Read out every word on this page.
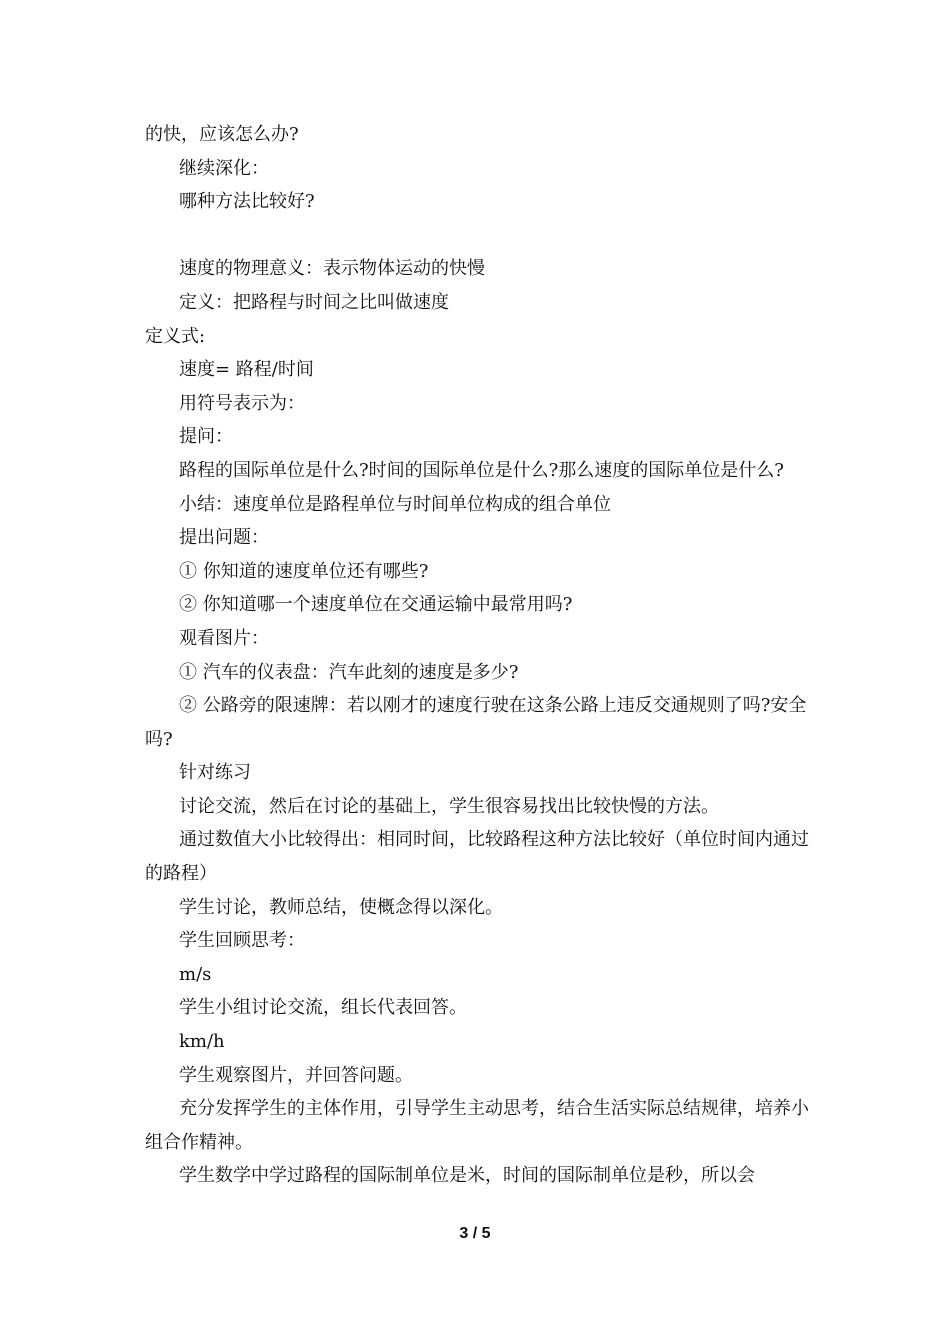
的快，应该怎么办?

继续深化：

哪种方法比较好?

速度的物理意义：表示物体运动的快慢

定义：把路程与时间之比叫做速度

定义式:

速度= 路程/时间

用符号表示为：

提问：

路程的国际单位是什么?时间的国际单位是什么?那么速度的国际单位是什么?

小结：速度单位是路程单位与时间单位构成的组合单位

提出问题：

① 你知道的速度单位还有哪些?

② 你知道哪一个速度单位在交通运输中最常用吗?

观看图片：

① 汽车的仪表盘：汽车此刻的速度是多少?

② 公路旁的限速牌：若以刚才的速度行驶在这条公路上违反交通规则了吗?安全吗?

针对练习

讨论交流，然后在讨论的基础上，学生很容易找出比较快慢的方法。

通过数值大小比较得出：相同时间，比较路程这种方法比较好（单位时间内通过的路程）

学生讨论，教师总结，使概念得以深化。

学生回顾思考：

m/s

学生小组讨论交流，组长代表回答。

km/h

学生观察图片，并回答问题。

充分发挥学生的主体作用，引导学生主动思考，结合生活实际总结规律，培养小组合作精神。

学生数学中学过路程的国际制单位是米，时间的国际制单位是秒，所以会

3 / 5
